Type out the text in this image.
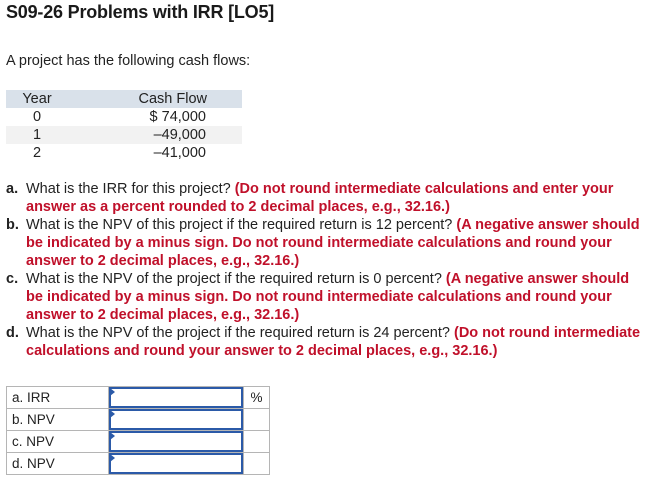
S09-26 Problems with IRR [LO5]
A project has the following cash flows:
Year	Cash Flow
0	$ 74,000
1	–49,000
2	–41,000

a. What is the IRR for this project? (Do not round intermediate calculations and enter your answer as a percent rounded to 2 decimal places, e.g., 32.16.)

b. What is the NPV of this project if the required return is 12 percent? (A negative answer should be indicated by a minus sign. Do not round intermediate calculations and round your answer to 2 decimal places, e.g., 32.16.)

c. What is the NPV of the project if the required return is 0 percent? (A negative answer should be indicated by a minus sign. Do not round intermediate calculations and round your answer to 2 decimal places, e.g., 32.16.)

d. What is the NPV of the project if the required return is 24 percent? (Do not round intermediate calculations and round your answer to 2 decimal places, e.g., 32.16.)

a. IRR		%
b. NPV	

c. NPV	

d. NPV	
